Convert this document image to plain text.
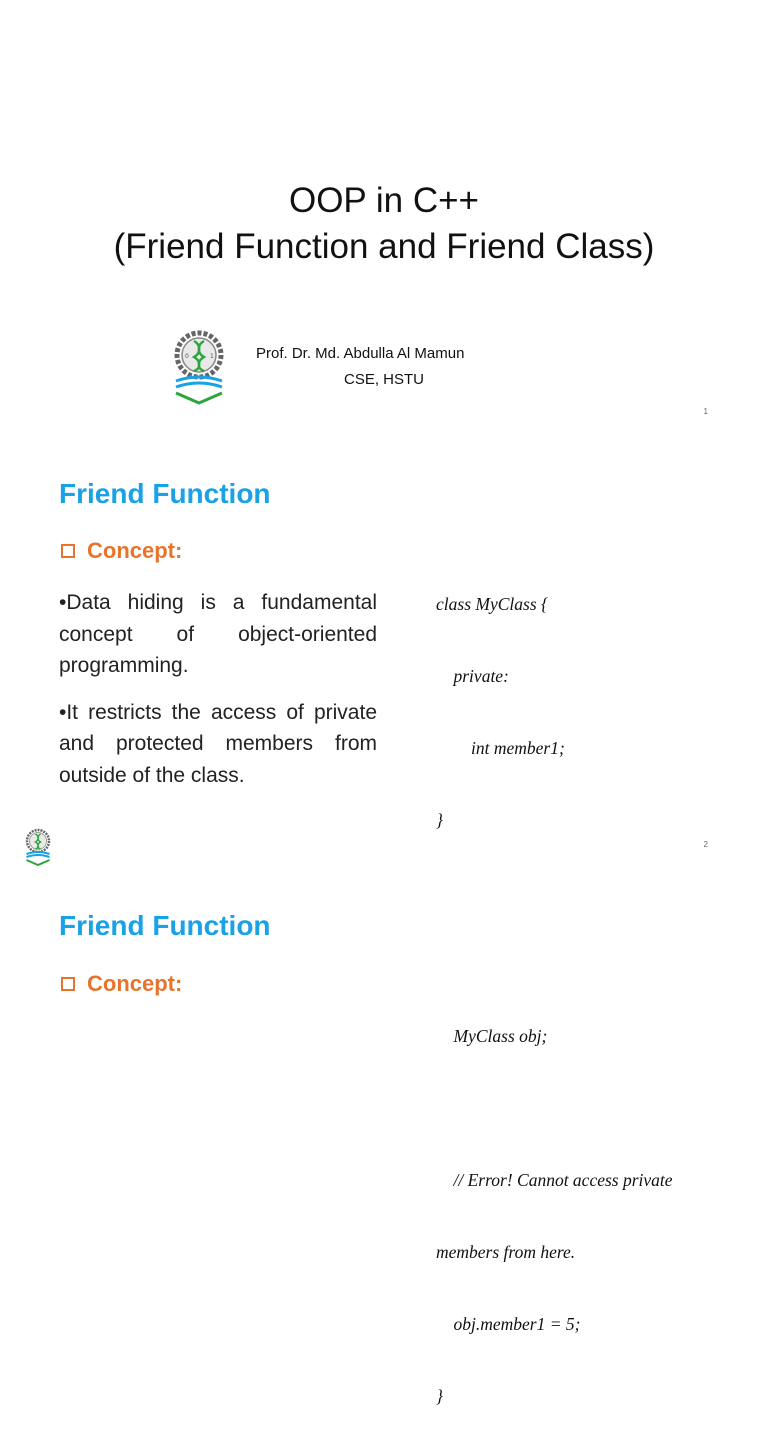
OOP in C++
(Friend Function and Friend Class)
0	1	Prof. Dr. Md. Abdulla Al Mamun
CSE, HSTU
1
Friend Function
Concept:

•Data hiding is a fundamental concept of object-oriented programming.

•It restricts the access of private and protected members from outside of the class.

class MyClass {

private:

int member1;

}

MyClass obj;

// Error! Cannot access private

members from here.

obj.member1 = 5;

}

2
Friend Function
Concept:
